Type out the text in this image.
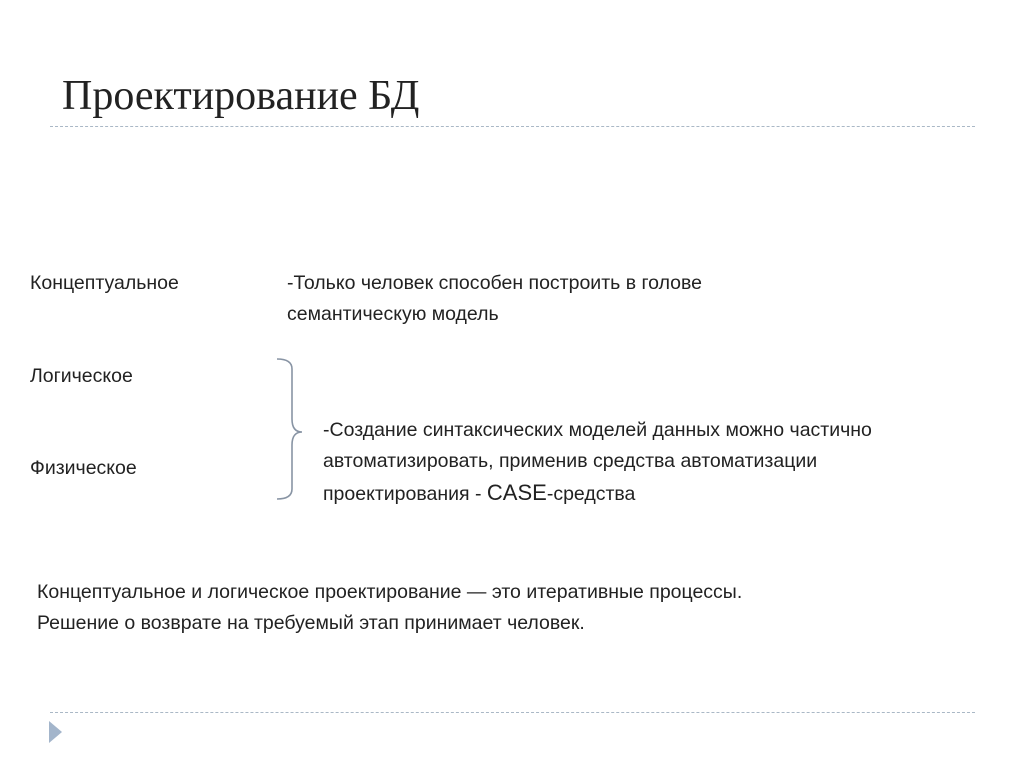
Проектирование БД
Концептуальное
Логическое
Физическое
-Только человек способен построить в голове
семантическую модель
-Создание синтаксических моделей данных можно частично
автоматизировать, применив средства автоматизации
проектирования - CASE-средства
Концептуальное и логическое проектирование — это итеративные процессы.
Решение о возврате на требуемый этап принимает человек.
